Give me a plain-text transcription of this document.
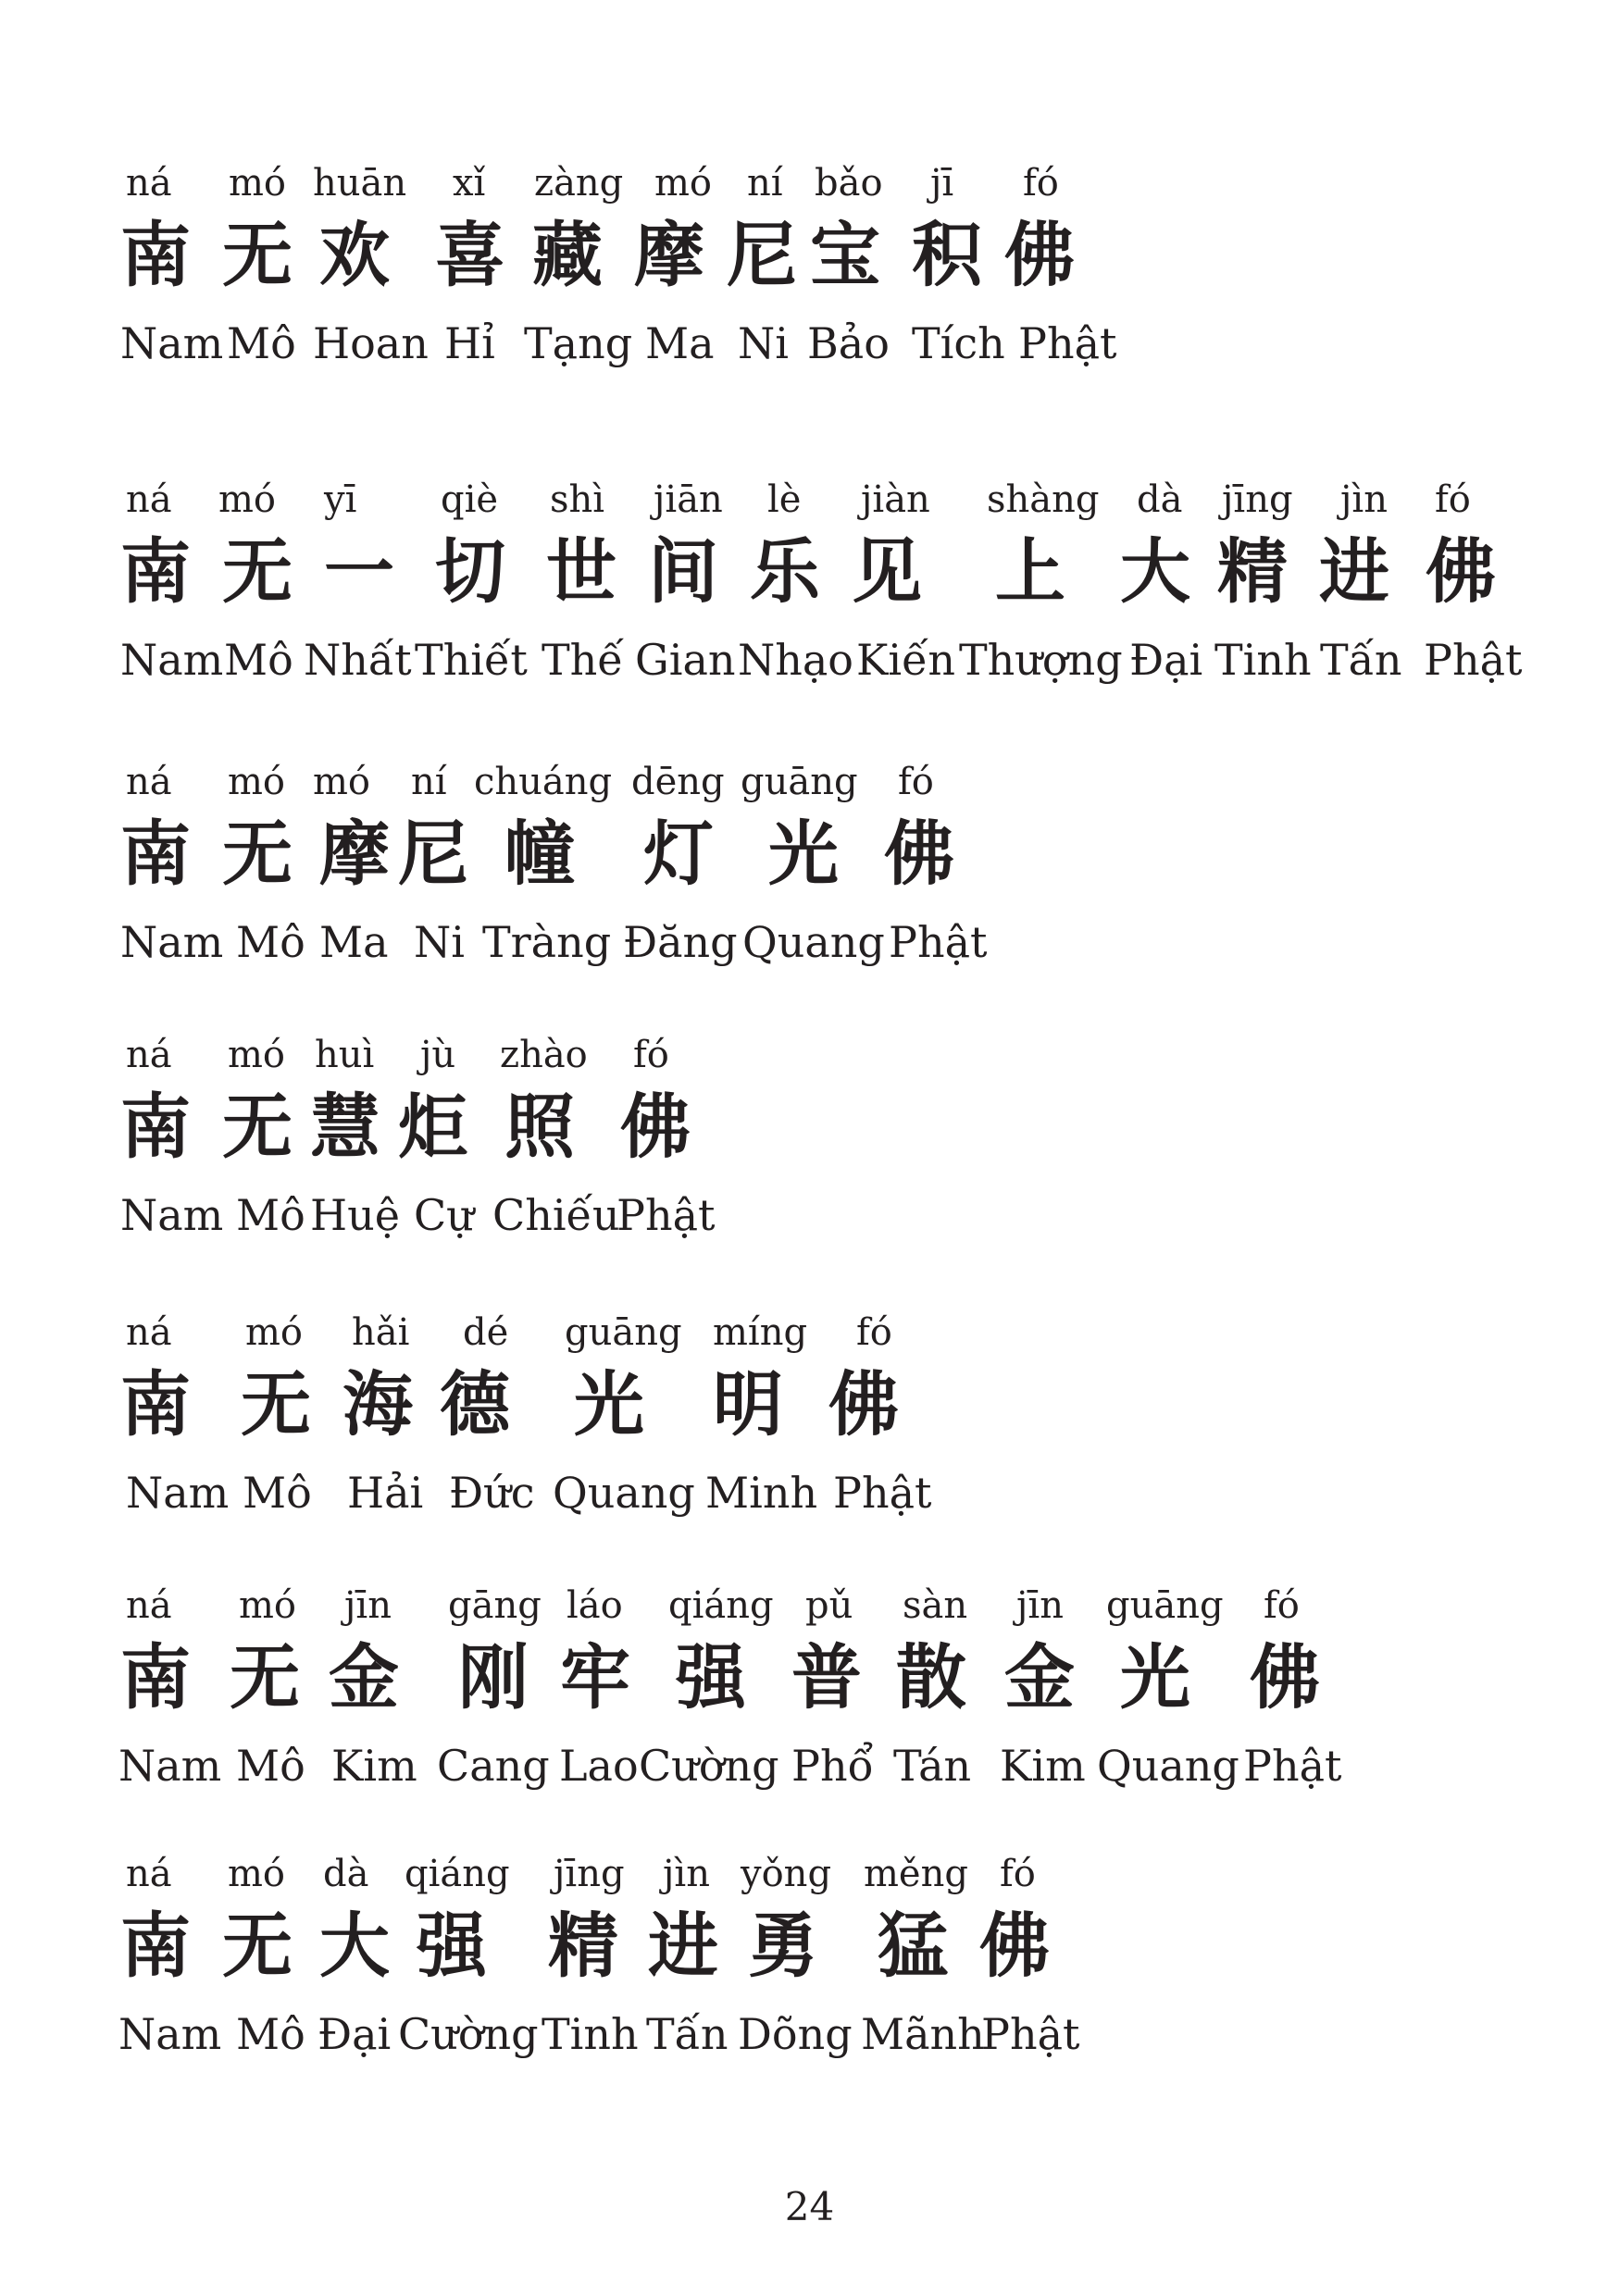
ná mó huān xǐ zàng mó ní bǎo jī fó
南 无 欢 喜 藏 摩 尼 宝 积 佛
Nam Mô Hoan Hỉ Tạng Ma Ni Bảo Tích Phật
ná mó yī qiè shì jiān lè jiàn shàng dà jīng jìn fó
南 无 一 切 世 间 乐 见 上 大 精 进 佛
Nam Mô Nhất Thiết Thế Gian Nhạo Kiến Thượng Đại Tinh Tấn Phật
ná mó mó ní chuáng dēng guāng fó
南 无 摩 尼 幢 灯 光 佛
Nam Mô Ma Ni Tràng Đăng Quang Phật
ná mó huì jù zhào fó
南 无 慧 炬 照 佛
Nam Mô Huệ Cự Chiếu
Phật
ná mó hǎi dé guāng míng fó
南 无 海 德 光 明 佛
Nam Mô Hải Đức Quang Minh Phật
ná mó jīn gāng láo qiáng pǔ sàn jīn guāng fó
南 无 金 刚 牢 强 普 散 金 光 佛
Nam Mô Kim Cang Lao Cường Phổ Tán Kim Quang Phật
ná mó dà qiáng jīng jìn yǒng měng fó
南 无 大 强 精 进 勇 猛 佛
Nam Mô Đại Cường Tinh Tấn Dõng Mãnh
Phật
24
